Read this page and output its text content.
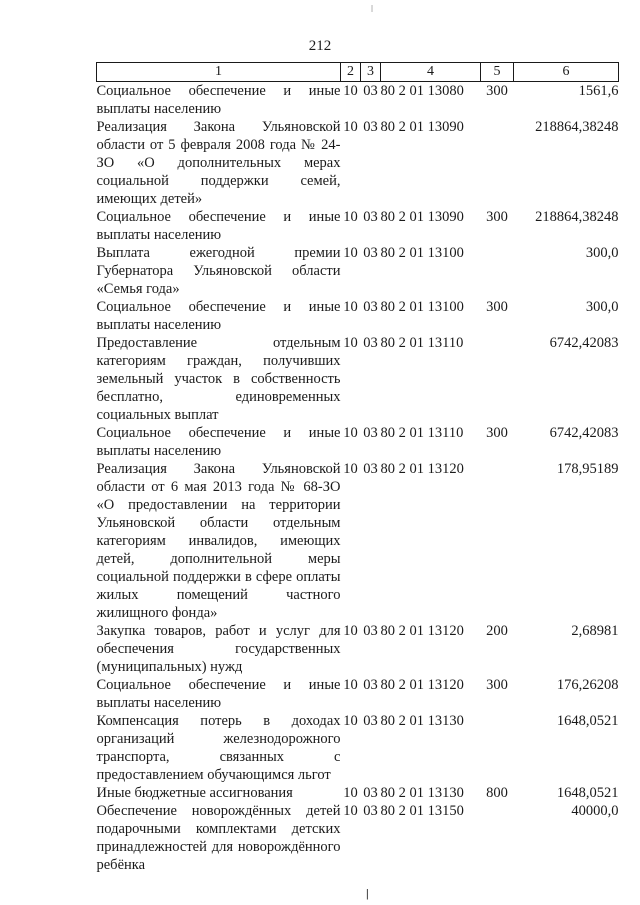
ǀ
212
1	2	3	4	5	6
Социальное обеспечение и иные выплаты населению	10	03	80 2 01 13080	300	1561,6
Реализация Закона Ульяновской области от 5 февраля 2008 года № 24-ЗО «О дополнительных мерах социальной поддержки семей, имеющих детей»	10	03	80 2 01 13090		218864,38248
Социальное обеспечение и иные выплаты населению	10	03	80 2 01 13090	300	218864,38248
Выплата ежегодной премии Губернатора Ульяновской области «Семья года»	10	03	80 2 01 13100		300,0
Социальное обеспечение и иные выплаты населению	10	03	80 2 01 13100	300	300,0
Предоставление отдельным категориям граждан, получивших земельный участок в собственность бесплатно, единовременных социальных выплат	10	03	80 2 01 13110		6742,42083
Социальное обеспечение и иные выплаты населению	10	03	80 2 01 13110	300	6742,42083
Реализация Закона Ульяновской области от 6 мая 2013 года № 68-ЗО «О предоставлении на территории Ульяновской области отдельным категориям инвалидов, имеющих детей, дополнительной меры социальной поддержки в сфере оплаты жилых помещений частного жилищного фонда»	10	03	80 2 01 13120		178,95189
Закупка товаров, работ и услуг для обеспечения государственных (муниципальных) нужд	10	03	80 2 01 13120	200	2,68981
Социальное обеспечение и иные выплаты населению	10	03	80 2 01 13120	300	176,26208
Компенсация потерь в доходах организаций железнодорожного транспорта, связанных с предоставлением обучающимся льгот	10	03	80 2 01 13130		1648,0521
Иные бюджетные ассигнования	10	03	80 2 01 13130	800	1648,0521
Обеспечение новорождённых детей подарочными комплектами детских принадлежностей для новорождённого ребёнка	10	03	80 2 01 13150		40000,0
|
